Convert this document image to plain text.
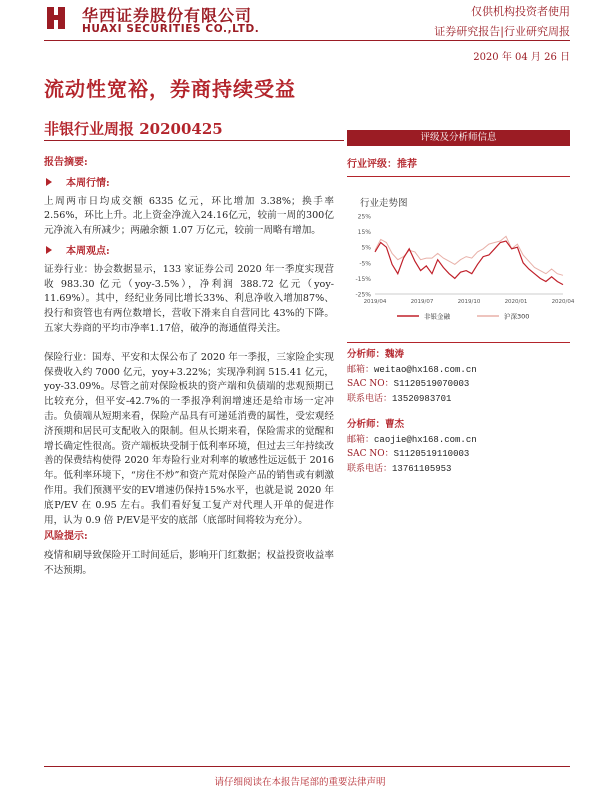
华西证券股份有限公司
HUAXI SECURITIES CO.,LTD.
仅供机构投资者使用
证券研究报告|行业研究周报
2020 年 04 月 26 日
流动性宽裕，券商持续受益
非银行业周报 20200425

报告摘要:

本周行情:

上周两市日均成交额 6335 亿元，环比增加 3.38%；换手率 2.56%，环比上升。北上资金净流入24.16亿元，较前一周的300亿元净流入有所减少；两融余额 1.07 万亿元，较前一周略有增加。

本周观点:

证券行业：协会数据显示，133 家证券公司 2020 年一季度实现营收 983.30 亿元（yoy-3.5%），净利润 388.72 亿元（yoy-11.69%）。其中，经纪业务同比增长33%、利息净收入增加87%、投行和资管也有两位数增长，营收下滑来自自营同比 43%的下降。五家大券商的平均市净率1.17倍，破净的海通值得关注。

保险行业：国寿、平安和太保公布了 2020 年一季报，三家险企实现保费收入约 7000 亿元，yoy+3.22%；实现净利润 515.41 亿元，yoy-33.09%。尽管之前对保险板块的资产端和负债端的悲观预期已比较充分，但平安-42.7%的一季报净利润增速还是给市场一定冲击。负债端从短期来看，保险产品具有可递延消费的属性，受宏观经济预期和居民可支配收入的限制。但从长期来看，保险需求的觉醒和增长确定性很高。资产端板块受制于低利率环境，但过去三年持续改善的保费结构使得 2020 年寿险行业对利率的敏感性远远低于 2016 年。低利率环境下，“房住不炒”和资产荒对保险产品的销售或有刺激作用。我们预测平安的EV增速仍保持15%水平，也就是说 2020 年底P/EV 在 0.95 左右。我们看好复工复产对代理人开单的促进作用，认为 0.9 倍 P/EV是平安的底部（底部时间将较为充分）。

风险提示:

疫情和刷导致保险开工时间延后，影响开门红数据；权益投资收益率不达预期。

评级及分析师信息
行业评级：推荐
行业走势图
25%
15%
5%
-5%
-15%
-25%
2019/04	2019/07	2019/10	2020/01	2020/04
非银金融	沪深300
分析师：魏涛
邮箱：weitao@hx168.com.cn
SAC NO：S1120519070003
联系电话：13520983701
分析师：曹杰
邮箱：caojie@hx168.com.cn
SAC NO：S1120519110003
联系电话：13761105953
请仔细阅读在本报告尾部的重要法律声明
